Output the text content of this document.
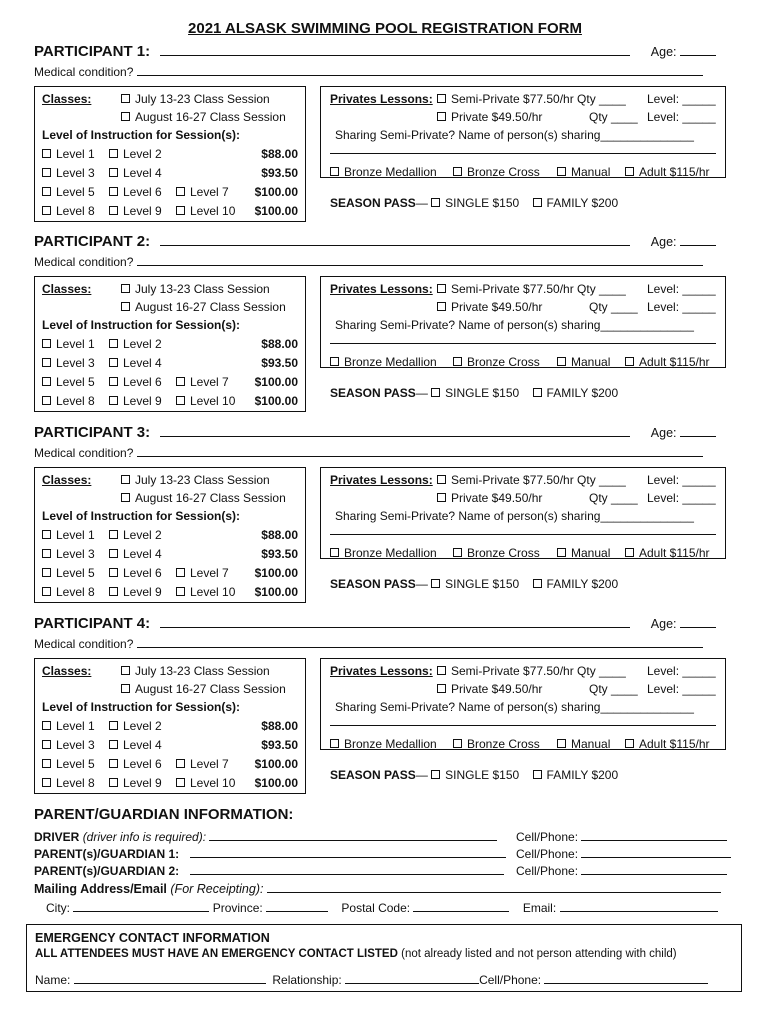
2021 ALSASK SWIMMING POOL REGISTRATION FORM
PARTICIPANT 1:	Age:
Medical condition?
Classes:	July 13-23 Class Session
August 16-27 Class Session
Level of Instruction for Session(s):
Level 1	Level 2	$88.00
Level 3	Level 4	$93.50
Level 5	Level 6	Level 7 $100.00
Level 8	Level 9	Level 10 $100.00
Privates Lessons:	Semi-Private $77.50/hr Qty ____ Level: _____
Private $49.50/hr	Qty ____ Level: _____
Sharing Semi-Private? Name of person(s) sharing______________
Bronze Medallion	Bronze Cross	Manual	Adult $115/hr
SEASON PASS— SINGLE $150 FAMILY $200
PARTICIPANT 2:	Age:
Medical condition?
Classes:	July 13-23 Class Session
August 16-27 Class Session
Level of Instruction for Session(s):
Level 1	Level 2	$88.00
Level 3	Level 4	$93.50
Level 5	Level 6	Level 7 $100.00
Level 8	Level 9	Level 10 $100.00
Privates Lessons:	Semi-Private $77.50/hr Qty ____ Level: _____
Private $49.50/hr	Qty ____ Level: _____
Sharing Semi-Private? Name of person(s) sharing______________
Bronze Medallion	Bronze Cross	Manual	Adult $115/hr
SEASON PASS— SINGLE $150 FAMILY $200
PARTICIPANT 3:	Age:
Medical condition?
Classes:	July 13-23 Class Session
August 16-27 Class Session
Level of Instruction for Session(s):
Level 1	Level 2	$88.00
Level 3	Level 4	$93.50
Level 5	Level 6	Level 7 $100.00
Level 8	Level 9	Level 10 $100.00
Privates Lessons:	Semi-Private $77.50/hr Qty ____ Level: _____
Private $49.50/hr	Qty ____ Level: _____
Sharing Semi-Private? Name of person(s) sharing______________
Bronze Medallion	Bronze Cross	Manual	Adult $115/hr
SEASON PASS— SINGLE $150 FAMILY $200
PARTICIPANT 4:	Age:
Medical condition?
Classes:	July 13-23 Class Session
August 16-27 Class Session
Level of Instruction for Session(s):
Level 1	Level 2	$88.00
Level 3	Level 4	$93.50
Level 5	Level 6	Level 7 $100.00
Level 8	Level 9	Level 10 $100.00
Privates Lessons:	Semi-Private $77.50/hr Qty ____ Level: _____
Private $49.50/hr	Qty ____ Level: _____
Sharing Semi-Private? Name of person(s) sharing______________
Bronze Medallion	Bronze Cross	Manual	Adult $115/hr
SEASON PASS— SINGLE $150 FAMILY $200
PARENT/GUARDIAN INFORMATION:
DRIVER (driver info is required):	Cell/Phone:
PARENT(s)/GUARDIAN 1:	Cell/Phone:
PARENT(s)/GUARDIAN 2:	Cell/Phone:
Mailing Address/Email (For Receipting):
City:	Province:	Postal Code:	Email:
EMERGENCY CONTACT INFORMATION
ALL ATTENDEES MUST HAVE AN EMERGENCY CONTACT LISTED (not already listed and not person attending with child)
Name:	Relationship:	Cell/Phone:
